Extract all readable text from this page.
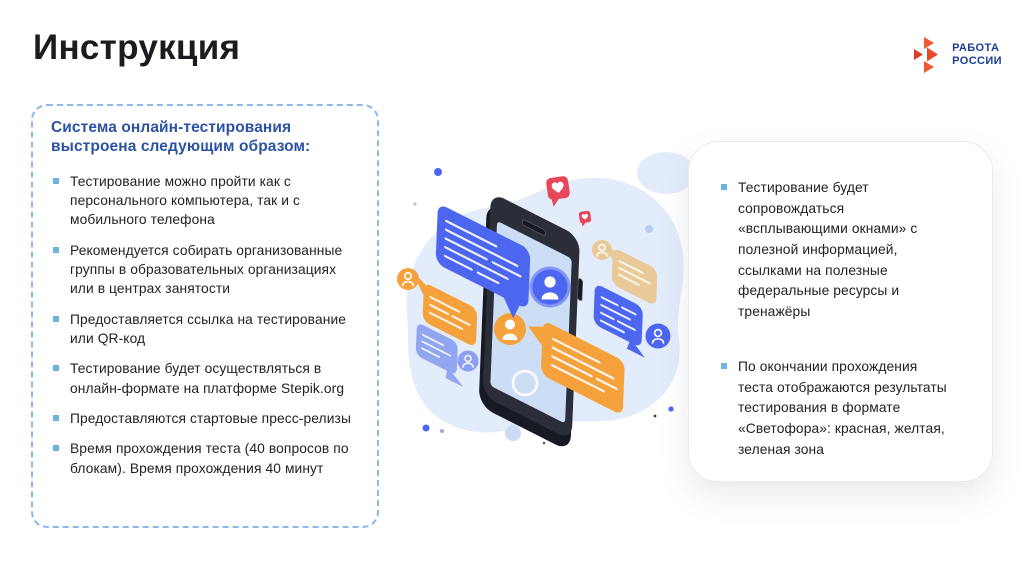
Инструкция	РАБОТА
РОССИИ
Система онлайн-тестирования выстроена следующим образом:
Тестирование можно пройти как с персонального компьютера, так и с мобильного телефона
Рекомендуется собирать организованные группы в образовательных организациях или в центрах занятости
Предоставляется ссылка на тестирование или QR-код
Тестирование будет осуществляться в онлайн-формате на платформе Stepik.org
Предоставляются стартовые пресс-релизы
Время прохождения теста (40 вопросов по блокам). Время прохождения 40 минут
Тестирование будет сопровождаться «всплывающими окнами» с полезной информацией, ссылками на полезные федеральные ресурсы и тренажёры
По окончании прохождения теста отображаются результаты тестирования в формате «Светофора»: красная, желтая, зеленая зона
